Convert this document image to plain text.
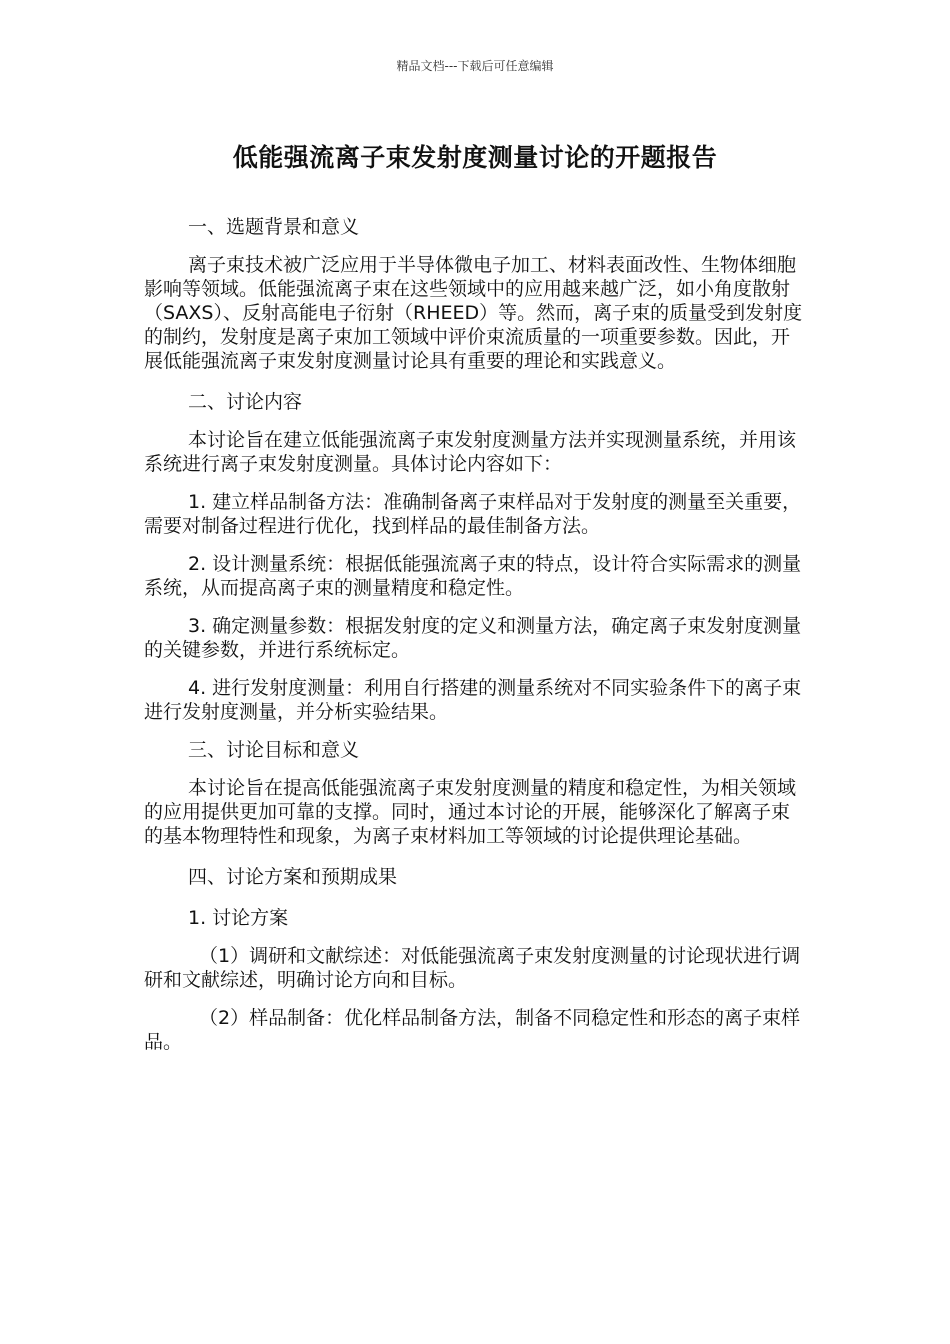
精品文档---下载后可任意编辑
低能强流离子束发射度测量讨论的开题报告

一、选题背景和意义

离子束技术被广泛应用于半导体微电子加工、材料表面改性、生物体细胞影响等领域。低能强流离子束在这些领域中的应用越来越广泛，如小角度散射（SAXS）、反射高能电子衍射（RHEED）等。然而，离子束的质量受到发射度的制约，发射度是离子束加工领域中评价束流质量的一项重要参数。因此，开展低能强流离子束发射度测量讨论具有重要的理论和实践意义。

二、讨论内容

本讨论旨在建立低能强流离子束发射度测量方法并实现测量系统，并用该系统进行离子束发射度测量。具体讨论内容如下：

1. 建立样品制备方法：准确制备离子束样品对于发射度的测量至关重要，需要对制备过程进行优化，找到样品的最佳制备方法。

2. 设计测量系统：根据低能强流离子束的特点，设计符合实际需求的测量系统，从而提高离子束的测量精度和稳定性。

3. 确定测量参数：根据发射度的定义和测量方法，确定离子束发射度测量的关键参数，并进行系统标定。

4. 进行发射度测量：利用自行搭建的测量系统对不同实验条件下的离子束进行发射度测量，并分析实验结果。

三、讨论目标和意义

本讨论旨在提高低能强流离子束发射度测量的精度和稳定性，为相关领域的应用提供更加可靠的支撑。同时，通过本讨论的开展，能够深化了解离子束的基本物理特性和现象，为离子束材料加工等领域的讨论提供理论基础。

四、讨论方案和预期成果

1. 讨论方案

（1）调研和文献综述：对低能强流离子束发射度测量的讨论现状进行调研和文献综述，明确讨论方向和目标。

（2）样品制备：优化样品制备方法，制备不同稳定性和形态的离子束样品。
